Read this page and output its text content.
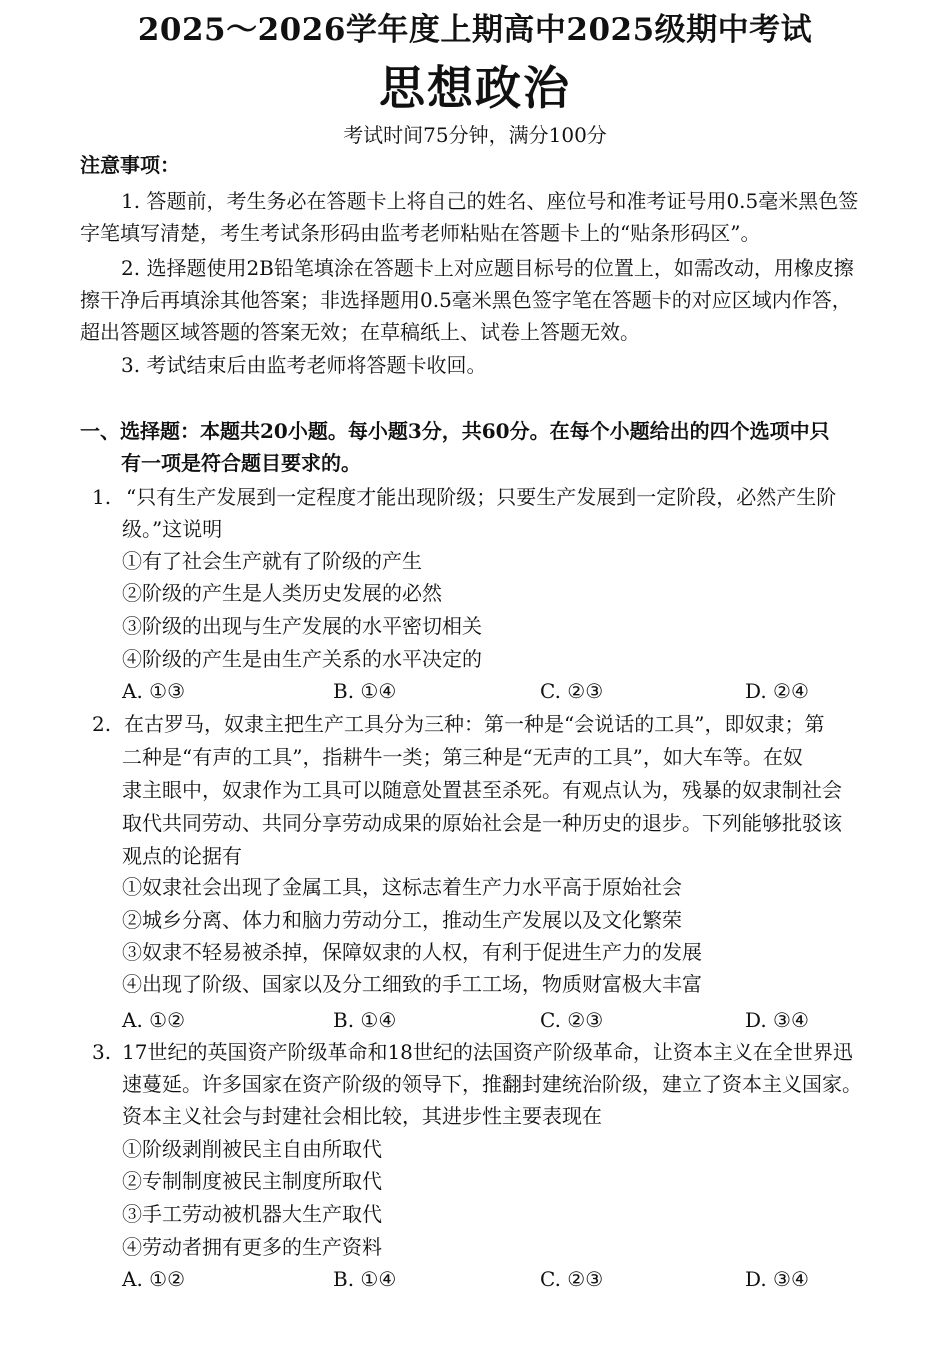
2025～2026学年度上期高中2025级期中考试
思想政治
考试时间75分钟，满分100分
注意事项：
1. 答题前，考生务必在答题卡上将自己的姓名、座位号和准考证号用0.5毫米黑色签
字笔填写清楚，考生考试条形码由监考老师粘贴在答题卡上的“贴条形码区”。
2. 选择题使用2B铅笔填涂在答题卡上对应题目标号的位置上，如需改动，用橡皮擦
擦干净后再填涂其他答案；非选择题用0.5毫米黑色签字笔在答题卡的对应区域内作答，
超出答题区域答题的答案无效；在草稿纸上、试卷上答题无效。
3. 考试结束后由监考老师将答题卡收回。
一、选择题：本题共20小题。每小题3分，共60分。在每个小题给出的四个选项中只
有一项是符合题目要求的。
1. “只有生产发展到一定程度才能出现阶级；只要生产发展到一定阶段，必然产生阶
级。”这说明
①有了社会生产就有了阶级的产生
②阶级的产生是人类历史发展的必然
③阶级的出现与生产发展的水平密切相关
④阶级的产生是由生产关系的水平决定的
A. ①③	B. ①④	C. ②③	D. ②④
2. 在古罗马，奴隶主把生产工具分为三种：第一种是“会说话的工具”，即奴隶；第
二种是“有声的工具”，指耕牛一类；第三种是“无声的工具”，如大车等。在奴
隶主眼中，奴隶作为工具可以随意处置甚至杀死。有观点认为，残暴的奴隶制社会
取代共同劳动、共同分享劳动成果的原始社会是一种历史的退步。下列能够批驳该
观点的论据有
①奴隶社会出现了金属工具，这标志着生产力水平高于原始社会
②城乡分离、体力和脑力劳动分工，推动生产发展以及文化繁荣
③奴隶不轻易被杀掉，保障奴隶的人权，有利于促进生产力的发展
④出现了阶级、国家以及分工细致的手工工场，物质财富极大丰富
A. ①②	B. ①④	C. ②③	D. ③④
3. 17世纪的英国资产阶级革命和18世纪的法国资产阶级革命，让资本主义在全世界迅
速蔓延。许多国家在资产阶级的领导下，推翻封建统治阶级，建立了资本主义国家。
资本主义社会与封建社会相比较，其进步性主要表现在
①阶级剥削被民主自由所取代
②专制制度被民主制度所取代
③手工劳动被机器大生产取代
④劳动者拥有更多的生产资料
A. ①②	B. ①④	C. ②③	D. ③④
